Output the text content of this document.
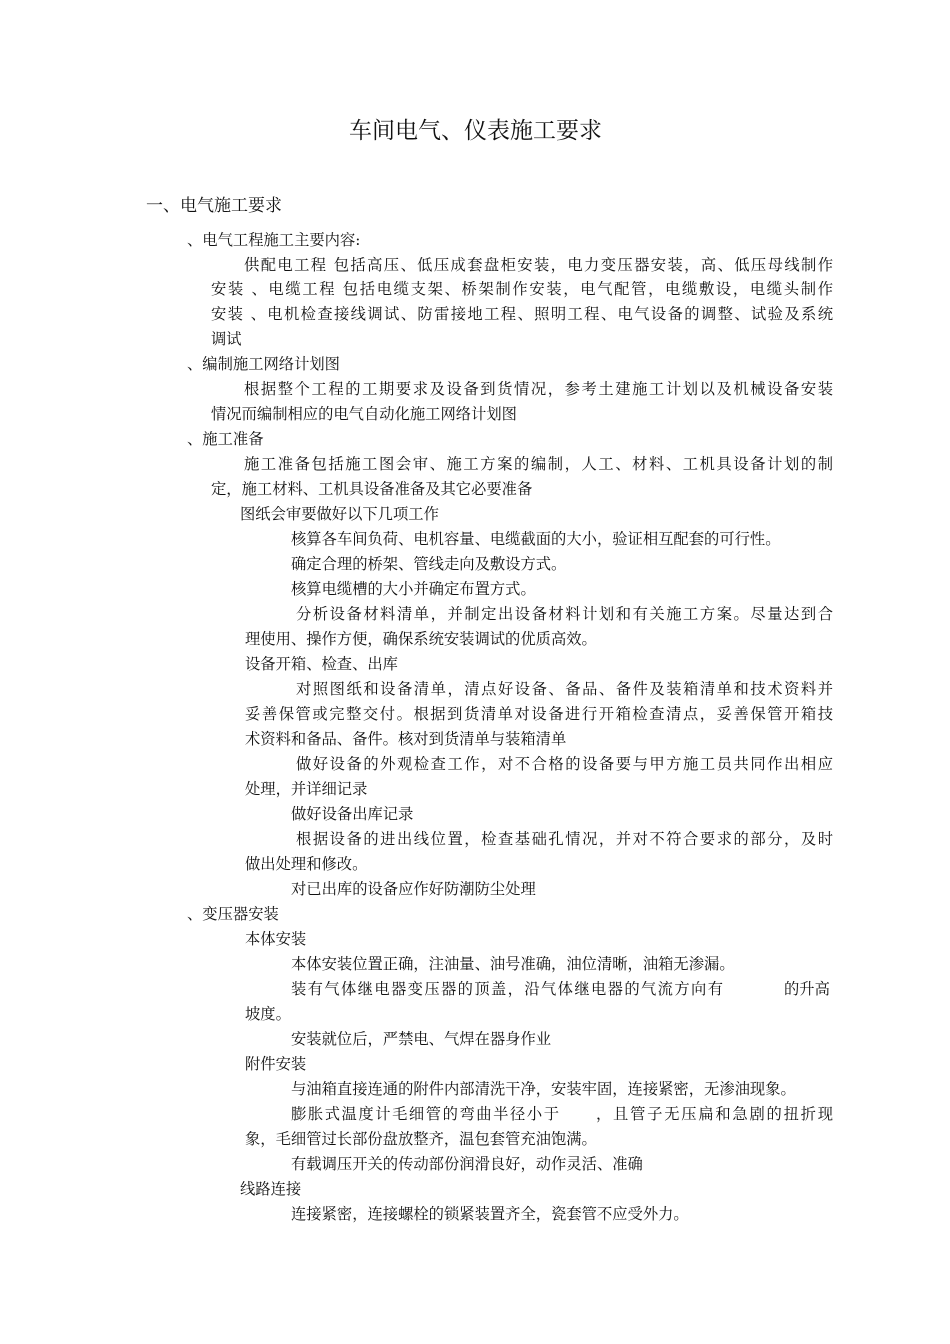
车间电气、仪表施工要求
一、电气施工要求
、电气工程施工主要内容:
供配电工程 包括高压、低压成套盘柜安装，电力变压器安装，高、低压母线制作
安装 、电缆工程 包括电缆支架、桥架制作安装，电气配管，电缆敷设，电缆头制作
安装 、电机检查接线调试、防雷接地工程、照明工程、电气设备的调整、试验及系统
调试
、编制施工网络计划图
根据整个工程的工期要求及设备到货情况，参考土建施工计划以及机械设备安装
情况而编制相应的电气自动化施工网络计划图
、施工准备
施工准备包括施工图会审、施工方案的编制，人工、材料、工机具设备计划的制
定，施工材料、工机具设备准备及其它必要准备
图纸会审要做好以下几项工作
核算各车间负荷、电机容量、电缆截面的大小，验证相互配套的可行性。
确定合理的桥架、管线走向及敷设方式。
核算电缆槽的大小并确定布置方式。
分析设备材料清单，并制定出设备材料计划和有关施工方案。尽量达到合
理使用、操作方便，确保系统安装调试的优质高效。
设备开箱、检查、出库
对照图纸和设备清单，清点好设备、备品、备件及装箱清单和技术资料并
妥善保管或完整交付。根据到货清单对设备进行开箱检查清点，妥善保管开箱技
术资料和备品、备件。核对到货清单与装箱清单
做好设备的外观检查工作，对不合格的设备要与甲方施工员共同作出相应
处理，并详细记录
做好设备出库记录
根据设备的进出线位置，检查基础孔情况，并对不符合要求的部分，及时
做出处理和修改。
对已出库的设备应作好防潮防尘处理
、变压器安装
本体安装
本体安装位置正确，注油量、油号准确，油位清晰，油箱无渗漏。
装有气体继电器变压器的顶盖，沿气体继电器的气流方向有	的升高
坡度。
安装就位后，严禁电、气焊在器身作业
附件安装
与油箱直接连通的附件内部清洗干净，安装牢固，连接紧密，无渗油现象。
膨胀式温度计毛细管的弯曲半径小于 ，且管子无压扁和急剧的扭折现
象，毛细管过长部份盘放整齐，温包套管充油饱满。
有载调压开关的传动部份润滑良好，动作灵活、准确
线路连接
连接紧密，连接螺栓的锁紧装置齐全，瓷套管不应受外力。
